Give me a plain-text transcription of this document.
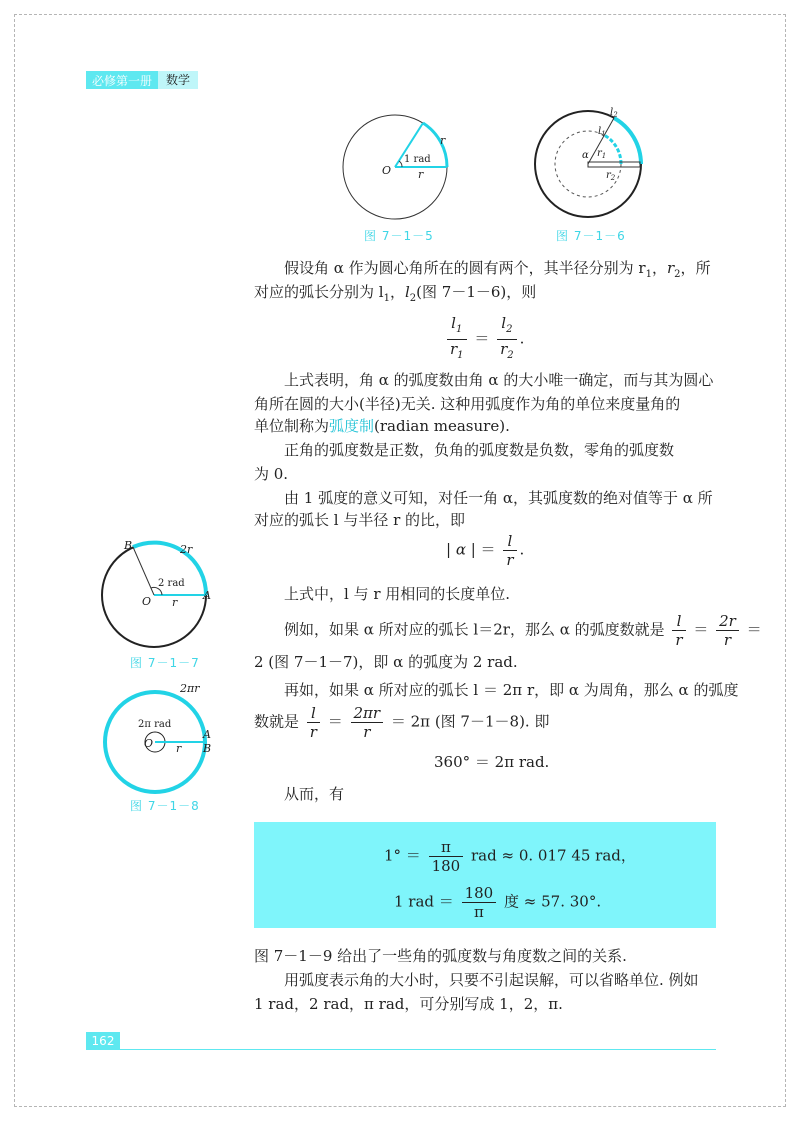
必修第一册	数学
O
1 rad
r
r
图 7－1－5
$l_2$
$l_1$
α $r_1$
$r_2$
图 7－1－6
假设角 α 作为圆心角所在的圆有两个，其半径分别为 $r_1$，$r_2$，所
对应的弧长分别为 $l_1$，$l_2$(图 7－1－6)，则
$\frac{l_1}{r_1} = \frac{l_2}{r_2}$ .
上式表明，角 α 的弧度数由角 α 的大小唯一确定，而与其为圆心
角所在圆的大小(半径)无关. 这种用弧度作为角的单位来度量角的
单位制称为弧度制(radian measure).
正角的弧度数是正数，负角的弧度数是负数，零角的弧度数
为 0.
由 1 弧度的意义可知，对任一角 α，其弧度数的绝对值等于 α 所
对应的弧长 l 与半径 r 的比，即
| α | ＝ $\frac{l}{r}$ .
B	2r
2 rad
O r
A
图 7－1－7
上式中，l 与 r 用相同的长度单位.
例如，如果 α 所对应的弧长 l＝2r，那么 α 的弧度数就是 $\frac{l}{r} = \frac{2r}{r}$ ＝
2 (图 7－1－7)，即 α 的弧度为 2 rad.
2πr
2π rad
O r
A
B
图 7－1－8
再如，如果 α 所对应的弧长 l ＝ 2π r，即 α 为周角，那么 α 的弧度
数就是 $\frac{l}{r} = \frac{2\pi r}{r} = 2\pi$ (图 7－1－8). 即
360° ＝ 2π rad.
从而，有
$1^\circ = \frac{\pi}{180}$ rad ≈ 0. 017 45 rad，
1 rad ＝ $\frac{180}{\pi}$ 度 ≈ 57. 30°.
图 7－1－9 给出了一些角的弧度数与角度数之间的关系.
用弧度表示角的大小时，只要不引起误解，可以省略单位. 例如
1 rad，2 rad，π rad，可分别写成 1，2，π.
162
